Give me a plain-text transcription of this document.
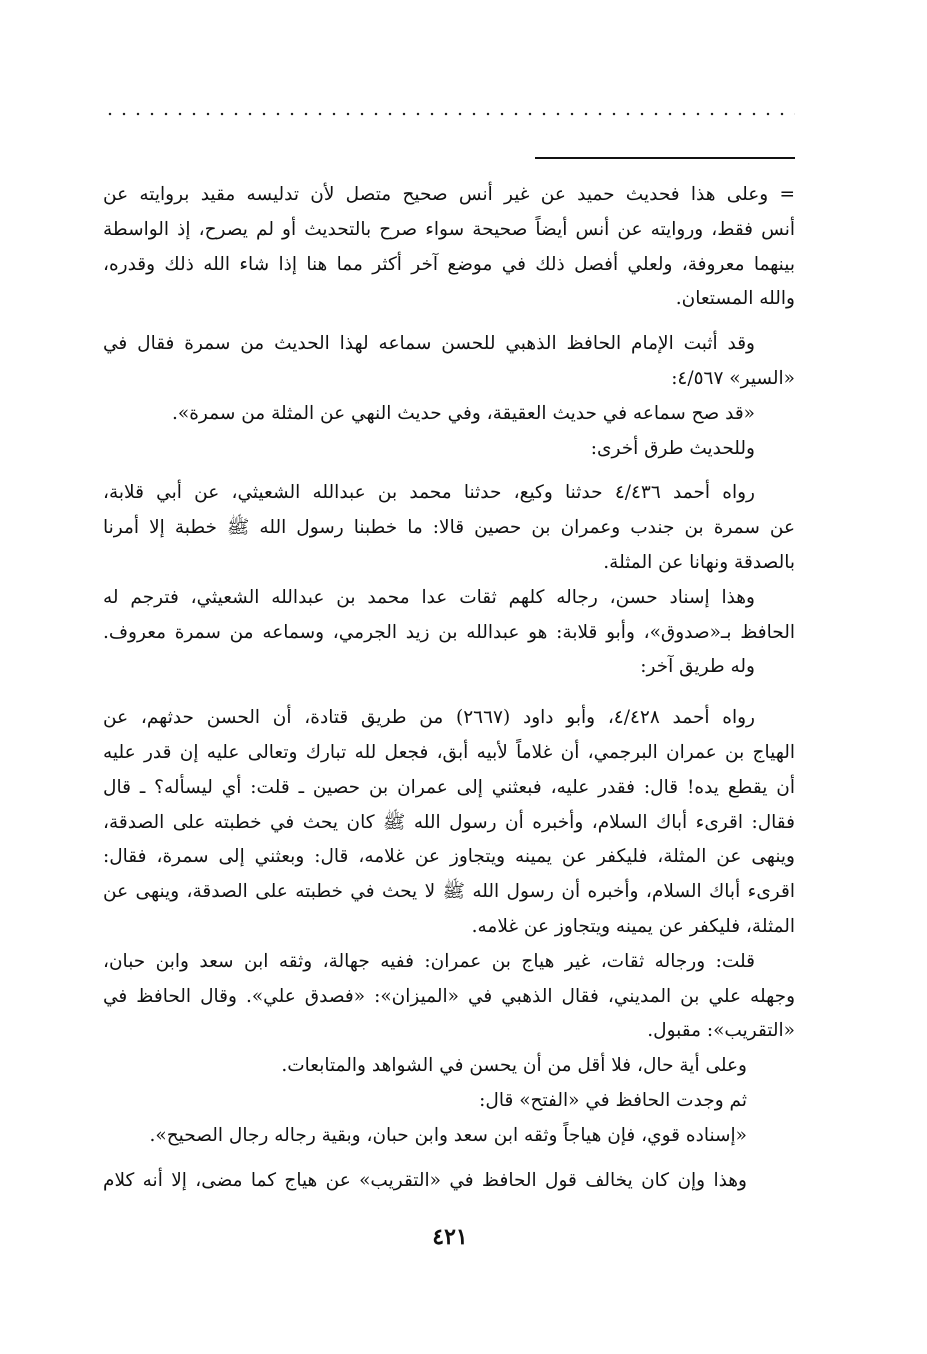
= وعلى هذا فحديث حميد عن غير أنس صحيح متصل لأن تدليسه مقيد بروايته عن
أنس فقط، وروايته عن أنس أيضاً صحيحة سواء صرح بالتحديث أو لم يصرح، إذ الواسطة
بينهما معروفة، ولعلي أفصل ذلك في موضع آخر أكثر مما هنا إذا شاء الله ذلك وقدره،
والله المستعان.
وقد أثبت الإمام الحافظ الذهبي للحسن سماعه لهذا الحديث من سمرة فقال في
«السير» ٤/٥٦٧:
«قد صح سماعه في حديث العقيقة، وفي حديث النهي عن المثلة من سمرة».
وللحديث طرق أخرى:
رواه أحمد ٤/٤٣٦ حدثنا وكيع، حدثنا محمد بن عبدالله الشعيثي، عن أبي قلابة،
عن سمرة بن جندب وعمران بن حصين قالا: ما خطبنا رسول الله ﷺ خطبة إلا أمرنا
بالصدقة ونهانا عن المثلة.
وهذا إسناد حسن، رجاله كلهم ثقات عدا محمد بن عبدالله الشعيثي، فترجم له
الحافظ بـ«صدوق»، وأبو قلابة: هو عبدالله بن زيد الجرمي، وسماعه من سمرة معروف.
وله طريق آخر:
رواه أحمد ٤/٤٢٨، وأبو داود (٢٦٦٧) من طريق قتادة، أن الحسن حدثهم، عن
الهياج بن عمران البرجمي، أن غلاماً لأبيه أبق، فجعل لله تبارك وتعالى عليه إن قدر عليه
أن يقطع يده! قال: فقدر عليه، فبعثني إلى عمران بن حصين ـ قلت: أي ليسأله؟ ـ قال
فقال: اقرىء أباك السلام، وأخبره أن رسول الله ﷺ كان يحث في خطبته على الصدقة،
وينهى عن المثلة، فليكفر عن يمينه ويتجاوز عن غلامه، قال: وبعثني إلى سمرة، فقال:
اقرىء أباك السلام، وأخبره أن رسول الله ﷺ لا يحث في خطبته على الصدقة، وينهى عن
المثلة، فليكفر عن يمينه ويتجاوز عن غلامه.
قلت: ورجاله ثقات، غير هياج بن عمران: ففيه جهالة، وثقه ابن سعد وابن حبان،
وجهله علي بن المديني، فقال الذهبي في «الميزان»: «فصدق علي». وقال الحافظ في
«التقريب»: مقبول.
وعلى أية حال، فلا أقل من أن يحسن في الشواهد والمتابعات.
ثم وجدت الحافظ في «الفتح» قال:
«إسناده قوي، فإن هياجاً وثقه ابن سعد وابن حبان، وبقية رجاله رجال الصحيح».
وهذا وإن كان يخالف قول الحافظ في «التقريب» عن هياج كما مضى، إلا أنه كلام
٤٢١
